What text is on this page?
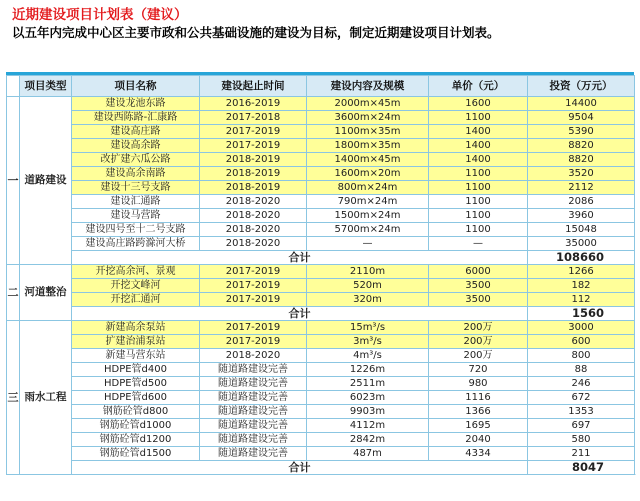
近期建设项目计划表（建议）
以五年内完成中心区主要市政和公共基础设施的建设为目标，制定近期建设项目计划表。
	项目类型	项目名称	建设起止时间	建设内容及规模	单价（元）	投资（万元）
一	道路建设	建设龙池东路	2016-2019	2000m×45m	1600	14400
		建设西陈路-汇康路	2017-2018	3600m×24m	1100	9504
		建设高庄路	2017-2019	1100m×35m	1400	5390
		建设高余路	2017-2019	1800m×35m	1400	8820
		改扩建六瓜公路	2018-2019	1400m×45m	1400	8820
		建设高余南路	2018-2019	1600m×20m	1100	3520
		建设十三号支路	2018-2019	800m×24m	1100	2112
		建设汇通路	2018-2020	790m×24m	1100	2086
		建设马营路	2018-2020	1500m×24m	1100	3960
		建设四号至十二号支路	2018-2020	5700m×24m	1100	15048
		建设高庄路跨滁河大桥	2018-2020	—	—	35000
		合计				108660
二	河道整治	开挖高余河、景观	2017-2019	2110m	6000	1266
		开挖文峰河	2017-2019	520m	3500	182
		开挖汇通河	2017-2019	320m	3500	112
		合计				1560
三	雨水工程	新建高余泵站	2017-2019	15m³/s	200万	3000
		扩建治浦泵站	2017-2019	3m³/s	200万	600
		新建马营东站	2018-2020	4m³/s	200万	800
		HDPE管d400	随道路建设完善	1226m	720	88
		HDPE管d500	随道路建设完善	2511m	980	246
		HDPE管d600	随道路建设完善	6023m	1116	672
		钢筋砼管d800	随道路建设完善	9903m	1366	1353
		钢筋砼管d1000	随道路建设完善	4112m	1695	697
		钢筋砼管d1200	随道路建设完善	2842m	2040	580
		钢筋砼管d1500	随道路建设完善	487m	4334	211
		合计				8047
